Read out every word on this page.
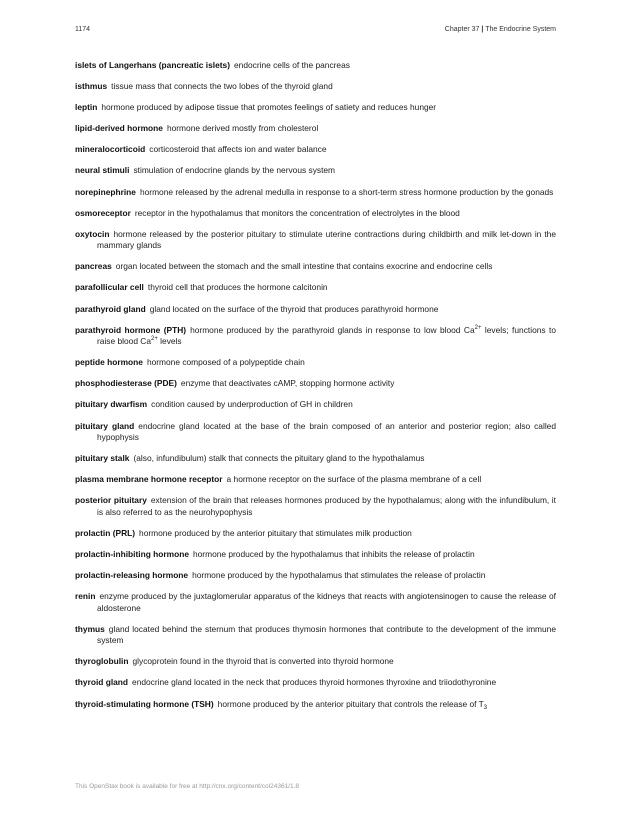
1174	Chapter 37 | The Endocrine System

islets of Langerhans (pancreatic islets) endocrine cells of the pancreas

isthmus tissue mass that connects the two lobes of the thyroid gland

leptin hormone produced by adipose tissue that promotes feelings of satiety and reduces hunger

lipid-derived hormone hormone derived mostly from cholesterol

mineralocorticoid corticosteroid that affects ion and water balance

neural stimuli stimulation of endocrine glands by the nervous system

norepinephrine hormone released by the adrenal medulla in response to a short-term stress hormone production by the gonads

osmoreceptor receptor in the hypothalamus that monitors the concentration of electrolytes in the blood

oxytocin hormone released by the posterior pituitary to stimulate uterine contractions during childbirth and milk let-down in the mammary glands

pancreas organ located between the stomach and the small intestine that contains exocrine and endocrine cells

parafollicular cell thyroid cell that produces the hormone calcitonin

parathyroid gland gland located on the surface of the thyroid that produces parathyroid hormone

parathyroid hormone (PTH) hormone produced by the parathyroid glands in response to low blood $Ca^{2+}$ levels; functions to raise blood $Ca^{2+}$ levels

peptide hormone hormone composed of a polypeptide chain

phosphodiesterase (PDE) enzyme that deactivates cAMP, stopping hormone activity

pituitary dwarfism condition caused by underproduction of GH in children

pituitary gland endocrine gland located at the base of the brain composed of an anterior and posterior region; also called hypophysis

pituitary stalk (also, infundibulum) stalk that connects the pituitary gland to the hypothalamus

plasma membrane hormone receptor a hormone receptor on the surface of the plasma membrane of a cell

posterior pituitary extension of the brain that releases hormones produced by the hypothalamus; along with the infundibulum, it is also referred to as the neurohypophysis

prolactin (PRL) hormone produced by the anterior pituitary that stimulates milk production

prolactin-inhibiting hormone hormone produced by the hypothalamus that inhibits the release of prolactin

prolactin-releasing hormone hormone produced by the hypothalamus that stimulates the release of prolactin

renin enzyme produced by the juxtaglomerular apparatus of the kidneys that reacts with angiotensinogen to cause the release of aldosterone

thymus gland located behind the sternum that produces thymosin hormones that contribute to the development of the immune system

thyroglobulin glycoprotein found in the thyroid that is converted into thyroid hormone

thyroid gland endocrine gland located in the neck that produces thyroid hormones thyroxine and triiodothyronine

thyroid-stimulating hormone (TSH) hormone produced by the anterior pituitary that controls the release of $T_3$

This OpenStax book is available for free at http://cnx.org/content/col24361/1.8
